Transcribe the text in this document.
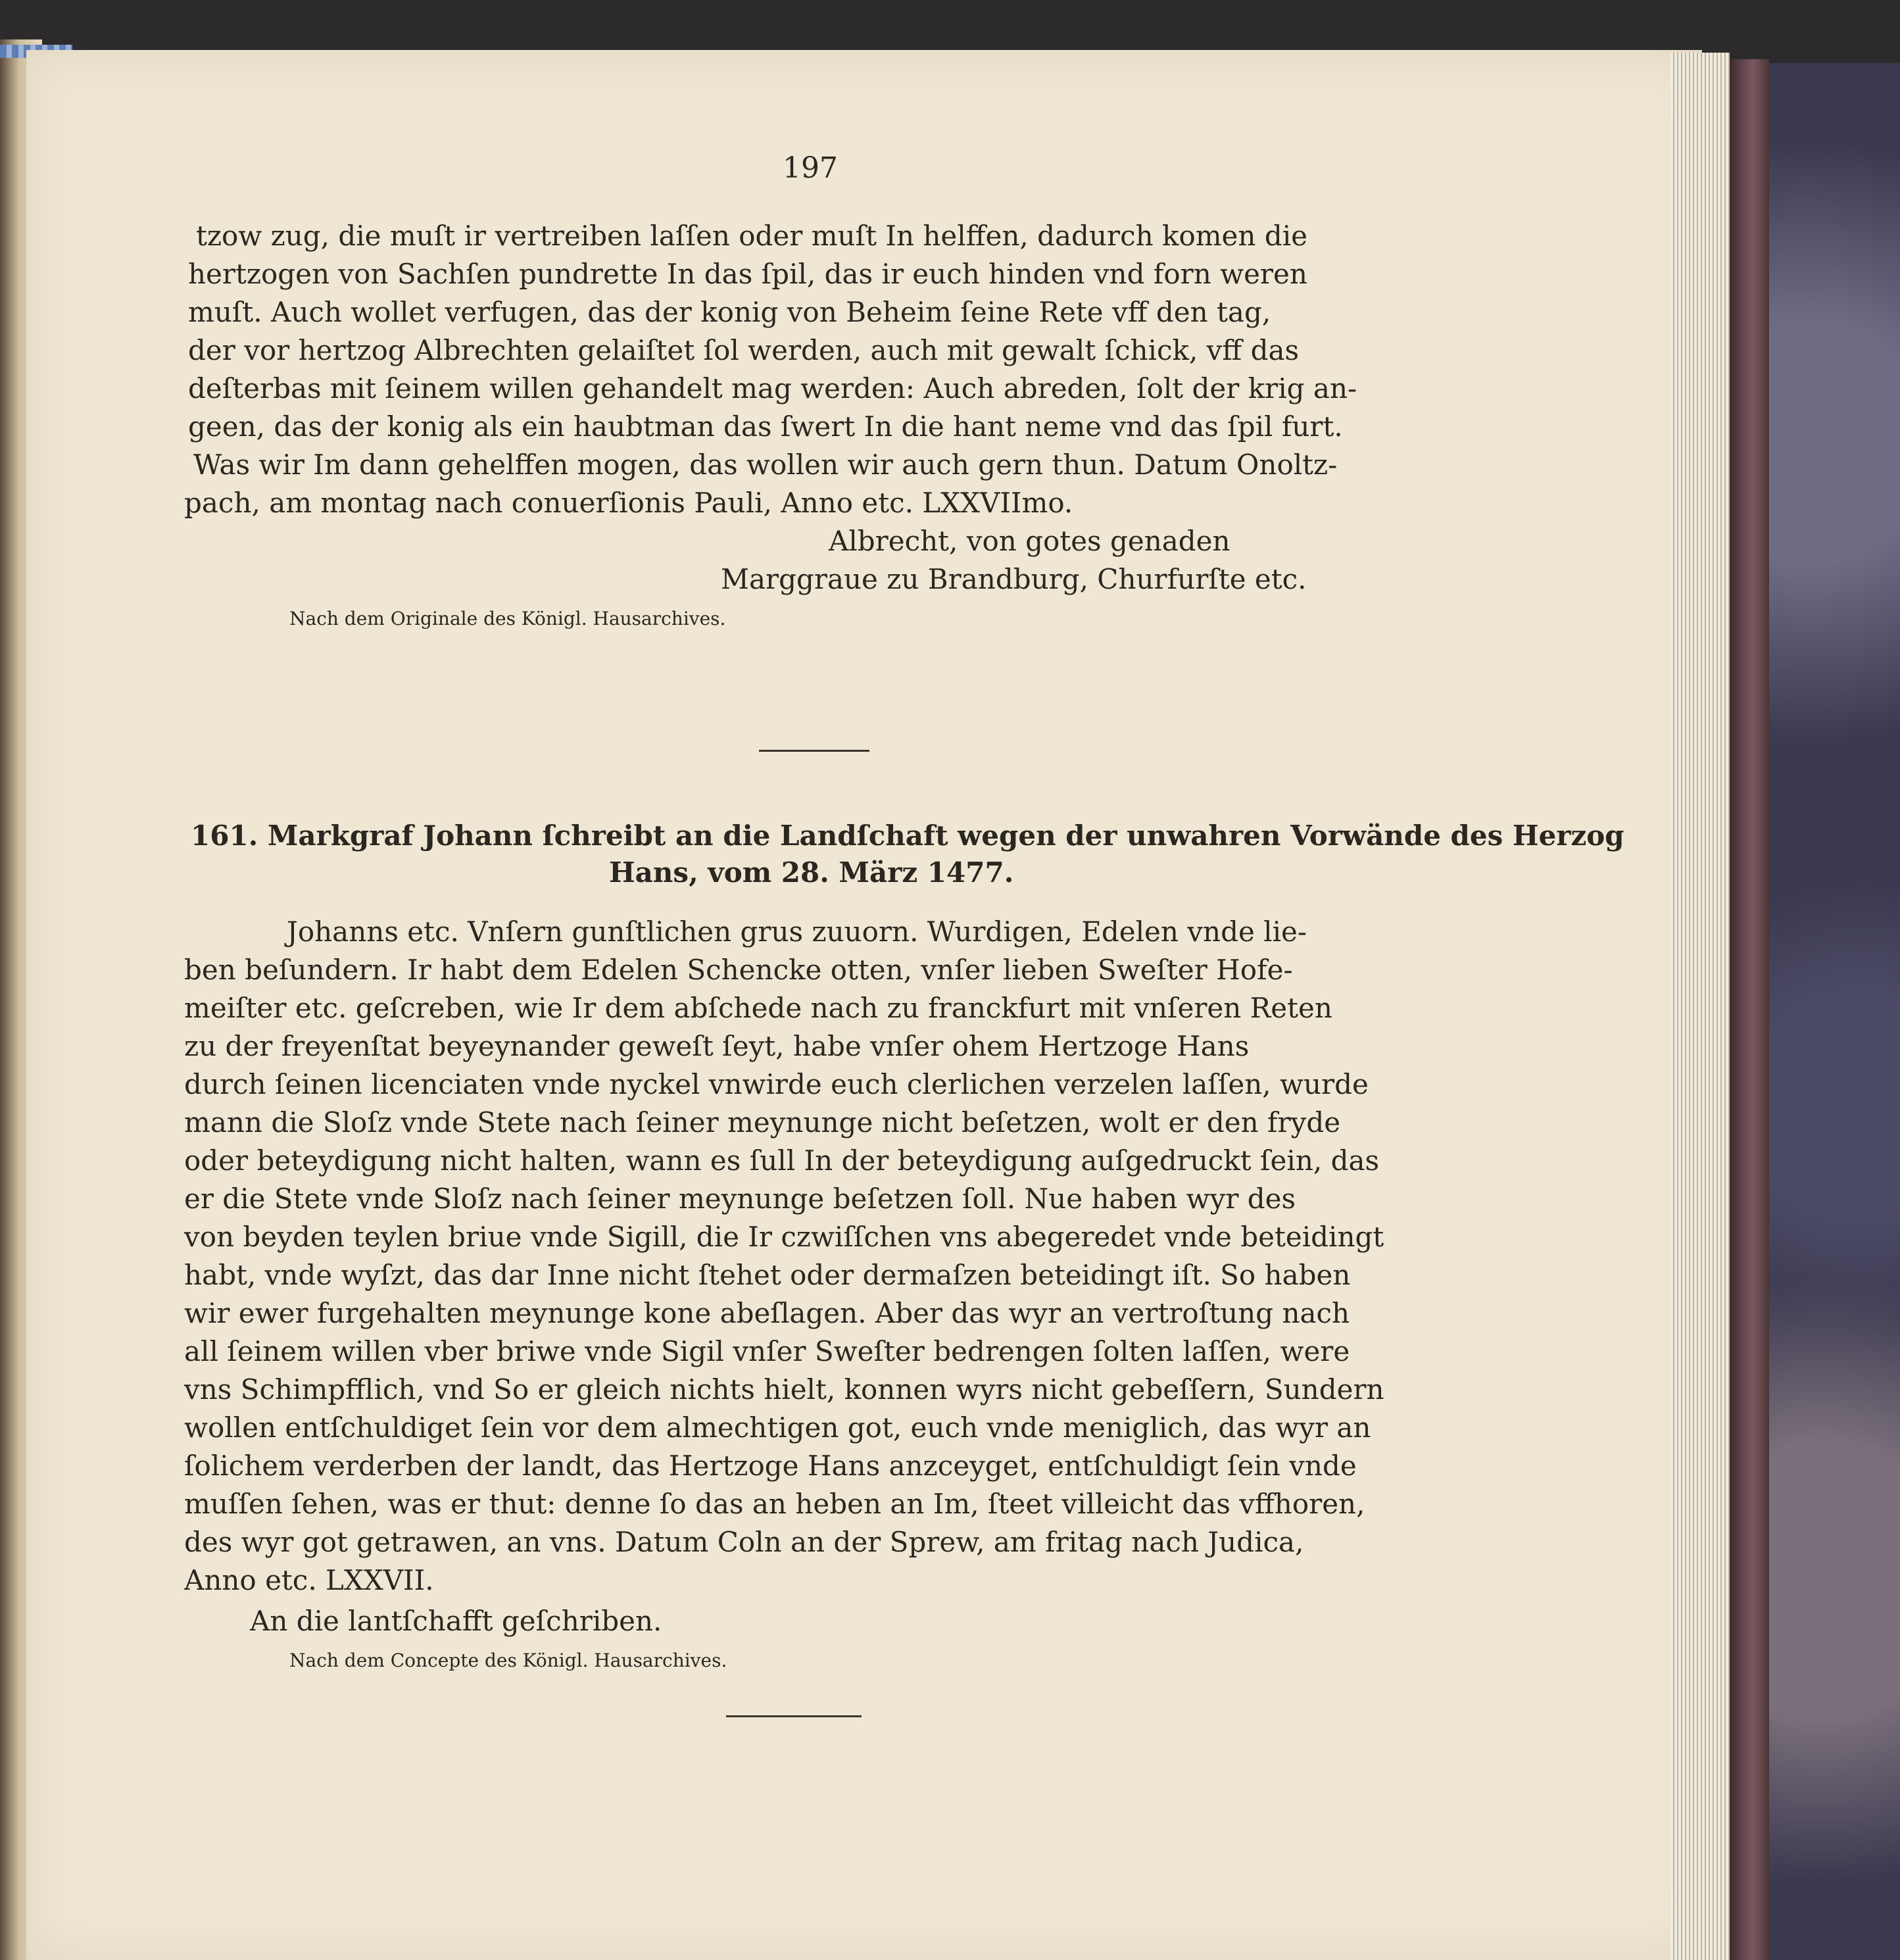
197
tzow zug, die muſt ir vertreiben laſſen oder muſt In helffen, dadurch komen die
hertzogen von Sachſen pundrette In das ſpil, das ir euch hinden vnd forn weren
muſt. Auch wollet verfugen, das der konig von Beheim ſeine Rete vff den tag,
der vor hertzog Albrechten gelaiſtet ſol werden, auch mit gewalt ſchick, vff das
deſterbas mit ſeinem willen gehandelt mag werden: Auch abreden, ſolt der krig an-
geen, das der konig als ein haubtman das ſwert In die hant neme vnd das ſpil furt.
Was wir Im dann gehelffen mogen, das wollen wir auch gern thun. Datum Onoltz-
pach, am montag nach conuerſionis Pauli, Anno etc. LXXVIImo.
Albrecht, von gotes genaden
Marggraue zu Brandburg, Churfurſte etc.
Nach dem Originale des Königl. Hausarchives.
161. Markgraf Johann ſchreibt an die Landſchaft wegen der unwahren Vorwände des Herzog
Hans, vom 28. März 1477.
Johanns etc. Vnſern gunſtlichen grus zuuorn. Wurdigen, Edelen vnde lie-
ben beſundern. Ir habt dem Edelen Schencke otten, vnſer lieben Sweſter Hofe-
meiſter etc. geſcreben, wie Ir dem abſchede nach zu franckfurt mit vnſeren Reten
zu der freyenſtat beyeynander geweſt ſeyt, habe vnſer ohem Hertzoge Hans
durch ſeinen licenciaten vnde nyckel vnwirde euch clerlichen verzelen laſſen, wurde
mann die Sloſz vnde Stete nach ſeiner meynunge nicht beſetzen, wolt er den fryde
oder beteydigung nicht halten, wann es ſull In der beteydigung auſgedruckt ſein, das
er die Stete vnde Sloſz nach ſeiner meynunge beſetzen ſoll. Nue haben wyr des
von beyden teylen briue vnde Sigill, die Ir czwiſſchen vns abegeredet vnde beteidingt
habt, vnde wyſzt, das dar Inne nicht ſtehet oder dermaſzen beteidingt iſt. So haben
wir ewer furgehalten meynunge kone abeſlagen. Aber das wyr an vertroſtung nach
all ſeinem willen vber briwe vnde Sigil vnſer Sweſter bedrengen ſolten laſſen, were
vns Schimpfflich, vnd So er gleich nichts hielt, konnen wyrs nicht gebeſſern, Sundern
wollen entſchuldiget ſein vor dem almechtigen got, euch vnde meniglich, das wyr an
ſolichem verderben der landt, das Hertzoge Hans anzceyget, entſchuldigt ſein vnde
muſſen ſehen, was er thut: denne ſo das an heben an Im, ſteet villeicht das vffhoren,
des wyr got getrawen, an vns. Datum Coln an der Sprew, am fritag nach Judica,
Anno etc. LXXVII.
An die lantſchafft geſchriben.
Nach dem Concepte des Königl. Hausarchives.
